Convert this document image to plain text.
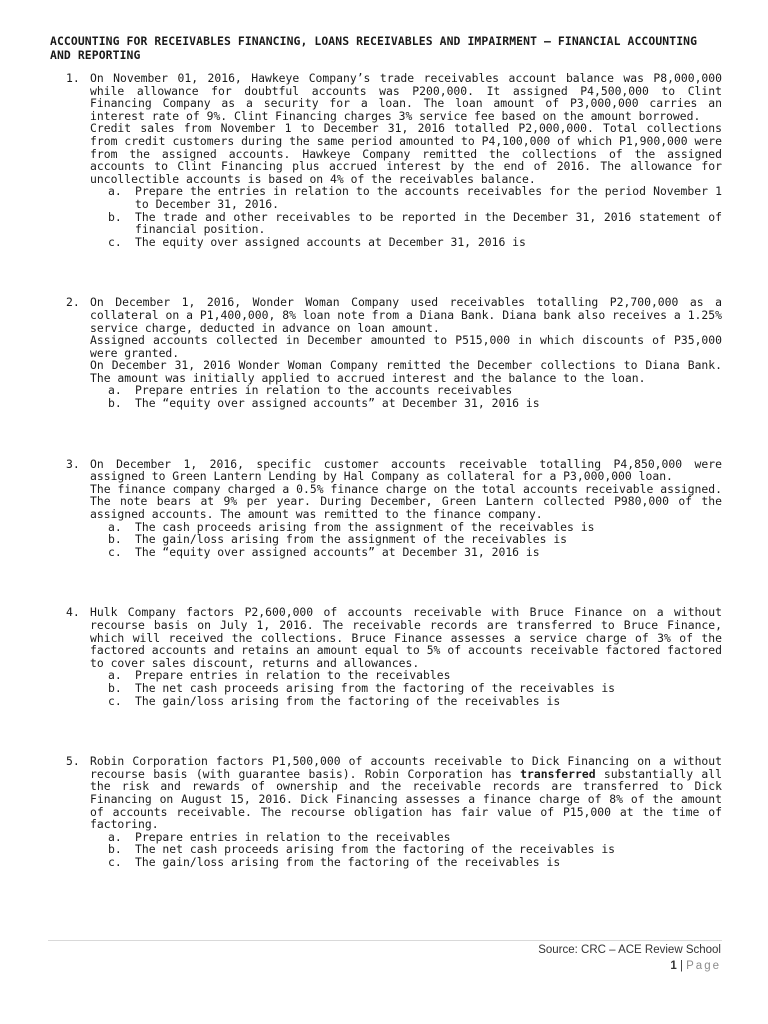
ACCOUNTING FOR RECEIVABLES FINANCING, LOANS RECEIVABLES AND IMPAIRMENT – FINANCIAL ACCOUNTING AND REPORTING
1. On November 01, 2016, Hawkeye Company’s trade receivables account balance was P8,000,000 while allowance for doubtful accounts was P200,000. It assigned P4,500,000 to Clint Financing Company as a security for a loan. The loan amount of P3,000,000 carries an interest rate of 9%. Clint Financing charges 3% service fee based on the amount borrowed.

Credit sales from November 1 to December 31, 2016 totalled P2,000,000. Total collections from credit customers during the same period amounted to P4,100,000 of which P1,900,000 were from the assigned accounts. Hawkeye Company remitted the collections of the assigned accounts to Clint Financing plus accrued interest by the end of 2016. The allowance for uncollectible accounts is based on 4% of the receivables balance.

a. Prepare the entries in relation to the accounts receivables for the period November 1 to December 31, 2016.
b. The trade and other receivables to be reported in the December 31, 2016 statement of financial position.
c. The equity over assigned accounts at December 31, 2016 is
2. On December 1, 2016, Wonder Woman Company used receivables totalling P2,700,000 as a collateral on a P1,400,000, 8% loan note from a Diana Bank. Diana bank also receives a 1.25% service charge, deducted in advance on loan amount.

Assigned accounts collected in December amounted to P515,000 in which discounts of P35,000 were granted.

On December 31, 2016 Wonder Woman Company remitted the December collections to Diana Bank. The amount was initially applied to accrued interest and the balance to the loan.

a. Prepare entries in relation to the accounts receivables
b. The “equity over assigned accounts” at December 31, 2016 is
3. On December 1, 2016, specific customer accounts receivable totalling P4,850,000 were assigned to Green Lantern Lending by Hal Company as collateral for a P3,000,000 loan.

The finance company charged a 0.5% finance charge on the total accounts receivable assigned. The note bears at 9% per year. During December, Green Lantern collected P980,000 of the assigned accounts. The amount was remitted to the finance company.

a. The cash proceeds arising from the assignment of the receivables is
b. The gain/loss arising from the assignment of the receivables is
c. The “equity over assigned accounts” at December 31, 2016 is
4. Hulk Company factors P2,600,000 of accounts receivable with Bruce Finance on a without recourse basis on July 1, 2016. The receivable records are transferred to Bruce Finance, which will received the collections. Bruce Finance assesses a service charge of 3% of the factored accounts and retains an amount equal to 5% of accounts receivable factored factored to cover sales discount, returns and allowances.

a. Prepare entries in relation to the receivables
b. The net cash proceeds arising from the factoring of the receivables is
c. The gain/loss arising from the factoring of the receivables is
5. Robin Corporation factors P1,500,000 of accounts receivable to Dick Financing on a without recourse basis (with guarantee basis). Robin Corporation has transferred substantially all the risk and rewards of ownership and the receivable records are transferred to Dick Financing on August 15, 2016. Dick Financing assesses a finance charge of 8% of the amount of accounts receivable. The recourse obligation has fair value of P15,000 at the time of factoring.

a. Prepare entries in relation to the receivables
b. The net cash proceeds arising from the factoring of the receivables is
c. The gain/loss arising from the factoring of the receivables is
Source: CRC – ACE Review School
1 | Page
